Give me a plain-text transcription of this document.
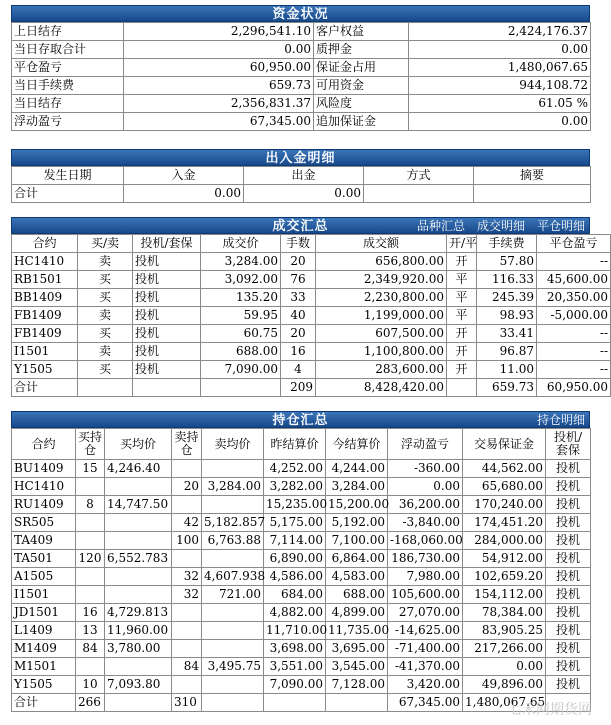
资金状况
上日结存	2,296,541.10	客户权益	2,424,176.37
当日存取合计	0.00	质押金	0.00
平仓盈亏	60,950.00	保证金占用	1,480,067.65
当日手续费	659.73	可用资金	944,108.72
当日结存	2,356,831.37	风险度	61.05 %
浮动盈亏	67,345.00	追加保证金	0.00
出入金明细
发生日期	入金	出金	方式	摘要
合计	0.00	0.00		
成交汇总	品种汇总 成交明细 平仓明细
合约	买/卖	投机/套保	成交价	手数	成交额	开/平	手续费	平仓盈亏
HC1410	卖	投机	3,284.00	20	656,800.00	开	57.80	--
RB1501	买	投机	3,092.00	76	2,349,920.00	平	116.33	45,600.00
BB1409	买	投机	135.20	33	2,230,800.00	平	245.39	20,350.00
FB1409	卖	投机	59.95	40	1,199,000.00	平	98.93	-5,000.00
FB1409	买	投机	60.75	20	607,500.00	开	33.41	--
I1501	卖	投机	688.00	16	1,100,800.00	开	96.87	--
Y1505	买	投机	7,090.00	4	283,600.00	开	11.00	--
合计				209	8,428,420.00		659.73	60,950.00
持仓汇总	持仓明细
合约	买持仓	买均价	卖持仓	卖均价	昨结算价	今结算价	浮动盈亏	交易保证金	投机/套保
BU1409	15	4,246.40			4,252.00	4,244.00	-360.00	44,562.00	投机
HC1410			20	3,284.00	3,282.00	3,284.00	0.00	65,680.00	投机
RU1409	8	14,747.50			15,235.00	15,200.00	36,200.00	170,240.00	投机
SR505			42	5,182.857	5,175.00	5,192.00	-3,840.00	174,451.20	投机
TA409			100	6,763.88	7,114.00	7,100.00	-168,060.00	284,000.00	投机
TA501	120	6,552.783			6,890.00	6,864.00	186,730.00	54,912.00	投机
A1505			32	4,607.938	4,586.00	4,583.00	7,980.00	102,659.20	投机
I1501			32	721.00	684.00	688.00	105,600.00	154,112.00	投机
JD1501	16	4,729.813			4,882.00	4,899.00	27,070.00	78,384.00	投机
L1409	13	11,960.00			11,710.00	11,735.00	-14,625.00	83,905.25	投机
M1409	84	3,780.00			3,698.00	3,695.00	-71,400.00	217,266.00	投机
M1501			84	3,495.75	3,551.00	3,545.00	-41,370.00	0.00	投机
Y1505	10	7,093.80			7,090.00	7,128.00	3,420.00	49,896.00	投机
合计	266		310				67,345.00	1,480,067.65	
七禾网期货网
